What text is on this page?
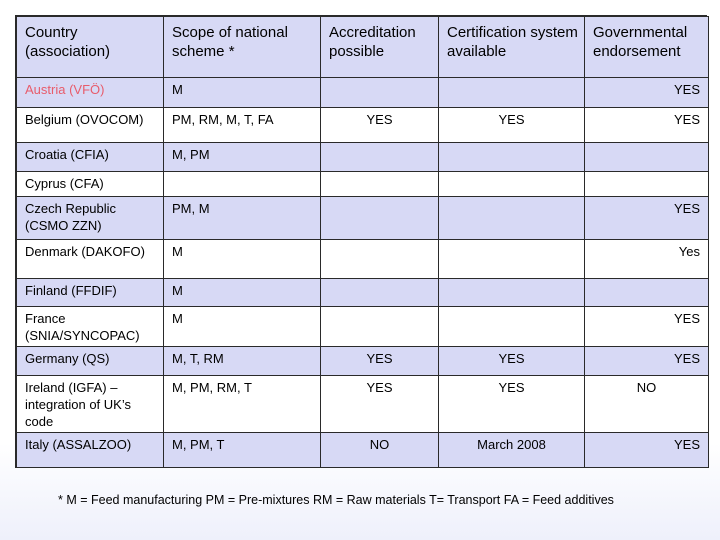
Country (association)	Scope of national scheme *	Accreditation possible	Certification system available	Governmental endorsement
Austria (VFÖ)	M			YES
Belgium (OVOCOM)	PM, RM, M, T, FA	YES	YES	YES
Croatia (CFIA)	M, PM			
Cyprus (CFA)				
Czech Republic (CSMO ZZN)	PM, M			YES
Denmark (DAKOFO)	M			Yes
Finland (FFDIF)	M			
France (SNIA/SYNCOPAC)	M			YES
Germany (QS)	M, T, RM	YES	YES	YES
Ireland (IGFA) – integration of UK’s code	M, PM, RM, T	YES	YES	NO
Italy (ASSALZOO)	M, PM, T	NO	March 2008	YES
* M = Feed manufacturing PM = Pre-mixtures RM = Raw materials T= Transport FA = Feed additives
